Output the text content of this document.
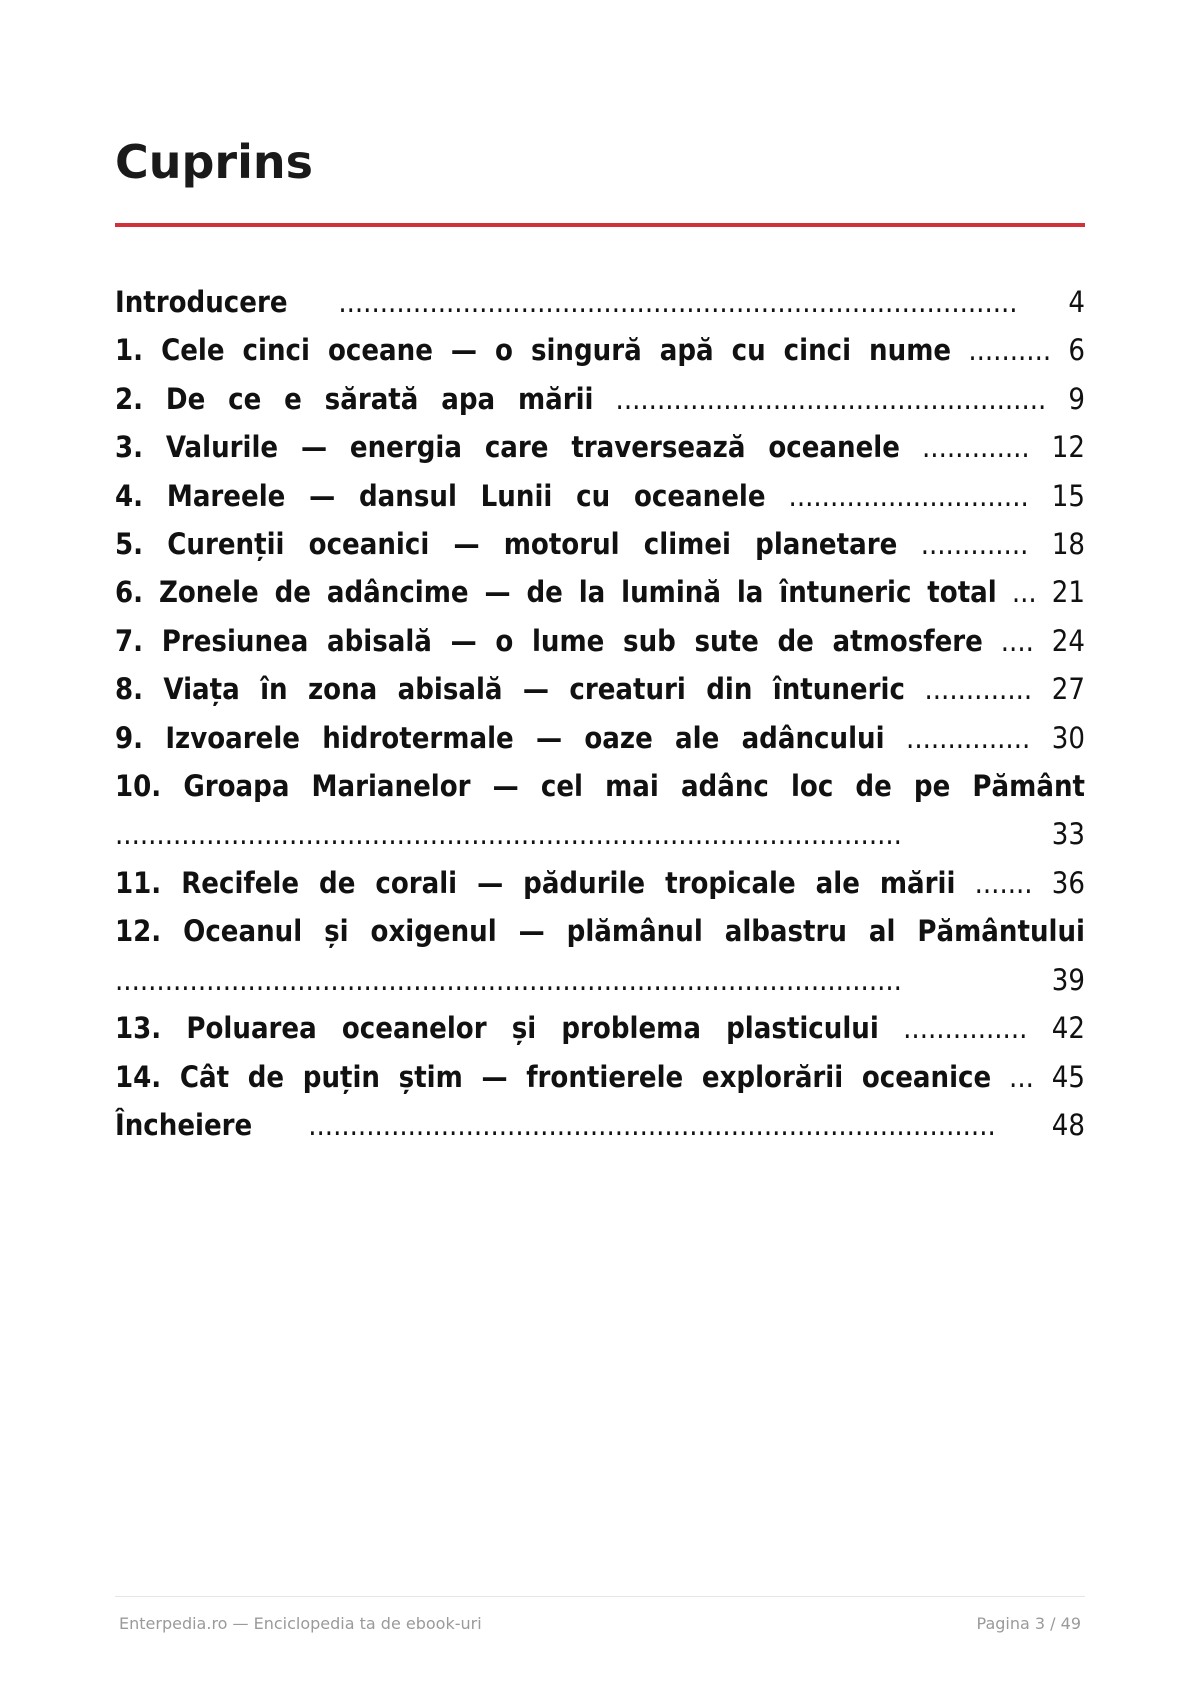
Cuprins
Introducere .................................................................................. 4
1. Cele cinci oceane — o singură apă cu cinci nume .......... 6
2. De ce e sărată apa mării .................................................... 9
3. Valurile — energia care traversează oceanele ............. 12
4. Mareele — dansul Lunii cu oceanele ............................. 15
5. Curenții oceanici — motorul climei planetare ............. 18
6. Zonele de adâncime — de la lumină la întuneric total ... 21
7. Presiunea abisală — o lume sub sute de atmosfere .... 24
8. Viața în zona abisală — creaturi din întuneric ............. 27
9. Izvoarele hidrotermale — oaze ale adâncului ............... 30
10. Groapa Marianelor — cel mai adânc loc de pe Pământ ...............................................................................................	33
11. Recifele de corali — pădurile tropicale ale mării ....... 36
12. Oceanul și oxigenul — plămânul albastru al Pământului ...............................................................................................	39
13. Poluarea oceanelor și problema plasticului ............... 42
14. Cât de puțin știm — frontierele explorării oceanice ... 45
Încheiere ................................................................................... 48
Enterpedia.ro — Enciclopedia ta de ebook-uri	Pagina 3 / 49
